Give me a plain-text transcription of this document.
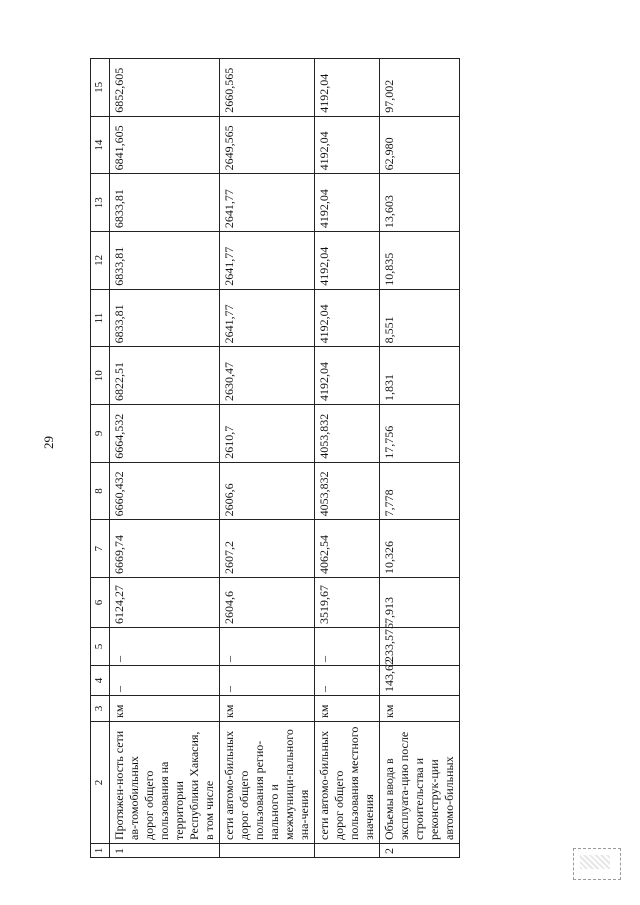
29
1	2	3	4	5	6	7	8	9	10	11	12	13	14	15
1	Протяжен-ность сети ав-томобильных дорог общего пользования на территории Республики Хакасия, в том числе	км	–	–	6124,27	6669,74	6660,432	6664,532	6822,51	6833,81	6833,81	6833,81	6841,605	6852,605
	сети автомо-бильных дорог общего пользования регио-нального и межмуници-пального зна-чения	км	–	–	2604,6	2607,2	2606,6	2610,7	2630,47	2641,77	2641,77	2641,77	2649,565	2660,565
	сети автомо-бильных дорог общего пользования местного значения	км	–	–	3519,67	4062,54	4053,832	4053,832	4192,04	4192,04	4192,04	4192,04	4192,04	4192,04
2	Объемы ввода в эксплуата-цию после строительства и реконструк-ции автомо-бильных	км	143,62	233,575	7,913	10,326	7,778	17,756	1,831	8,551	10,835	13,603	62,980	97,002
